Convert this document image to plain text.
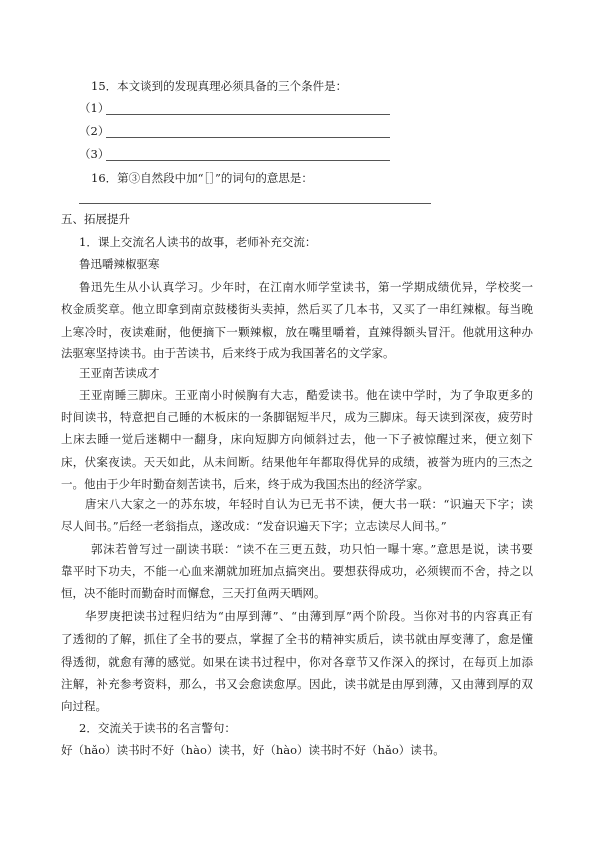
15．本文谈到的发现真理必须具备的三个条件是：
（1）
（2）
（3）
16．第③自然段中加“［］”的词句的意思是：
五、拓展提升
1．课上交流名人读书的故事，老师补充交流：
鲁迅嚼辣椒驱寒
鲁迅先生从小认真学习。少年时，在江南水师学堂读书，第一学期成绩优异，学校奖一
枚金质奖章。他立即拿到南京鼓楼街头卖掉，然后买了几本书，又买了一串红辣椒。每当晚
上寒冷时，夜读难耐，他便摘下一颗辣椒，放在嘴里嚼着，直辣得额头冒汗。他就用这种办
法驱寒坚持读书。由于苦读书，后来终于成为我国著名的文学家。
王亚南苦读成才
王亚南睡三脚床。王亚南小时候胸有大志，酷爱读书。他在读中学时，为了争取更多的
时间读书，特意把自己睡的木板床的一条脚锯短半尺，成为三脚床。每天读到深夜，疲劳时
上床去睡一觉后迷糊中一翻身，床向短脚方向倾斜过去，他一下子被惊醒过来，便立刻下
床，伏案夜读。天天如此，从未间断。结果他年年都取得优异的成绩，被誉为班内的三杰之
一。他由于少年时勤奋刻苦读书，后来，终于成为我国杰出的经济学家。
唐宋八大家之一的苏东坡，年轻时自认为已无书不读，便大书一联：“识遍天下字；读
尽人间书。”后经一老翁指点，遂改成：“发奋识遍天下字；立志读尽人间书。”
郭沫若曾写过一副读书联：“读不在三更五鼓，功只怕一曝十寒。”意思是说，读书要
靠平时下功夫，不能一心血来潮就加班加点搞突出。要想获得成功，必须锲而不舍，持之以
恒，决不能时而勤奋时而懈怠，三天打鱼两天晒网。
华罗庚把读书过程归结为“由厚到薄”、“由薄到厚”两个阶段。当你对书的内容真正有
了透彻的了解，抓住了全书的要点，掌握了全书的精神实质后，读书就由厚变薄了，愈是懂
得透彻，就愈有薄的感觉。如果在读书过程中，你对各章节又作深入的探讨，在每页上加添
注解，补充参考资料，那么，书又会愈读愈厚。因此，读书就是由厚到薄，又由薄到厚的双
向过程。
2．交流关于读书的名言警句：
好（hǎo）读书时不好（hào）读书，好（hào）读书时不好（hǎo）读书。
